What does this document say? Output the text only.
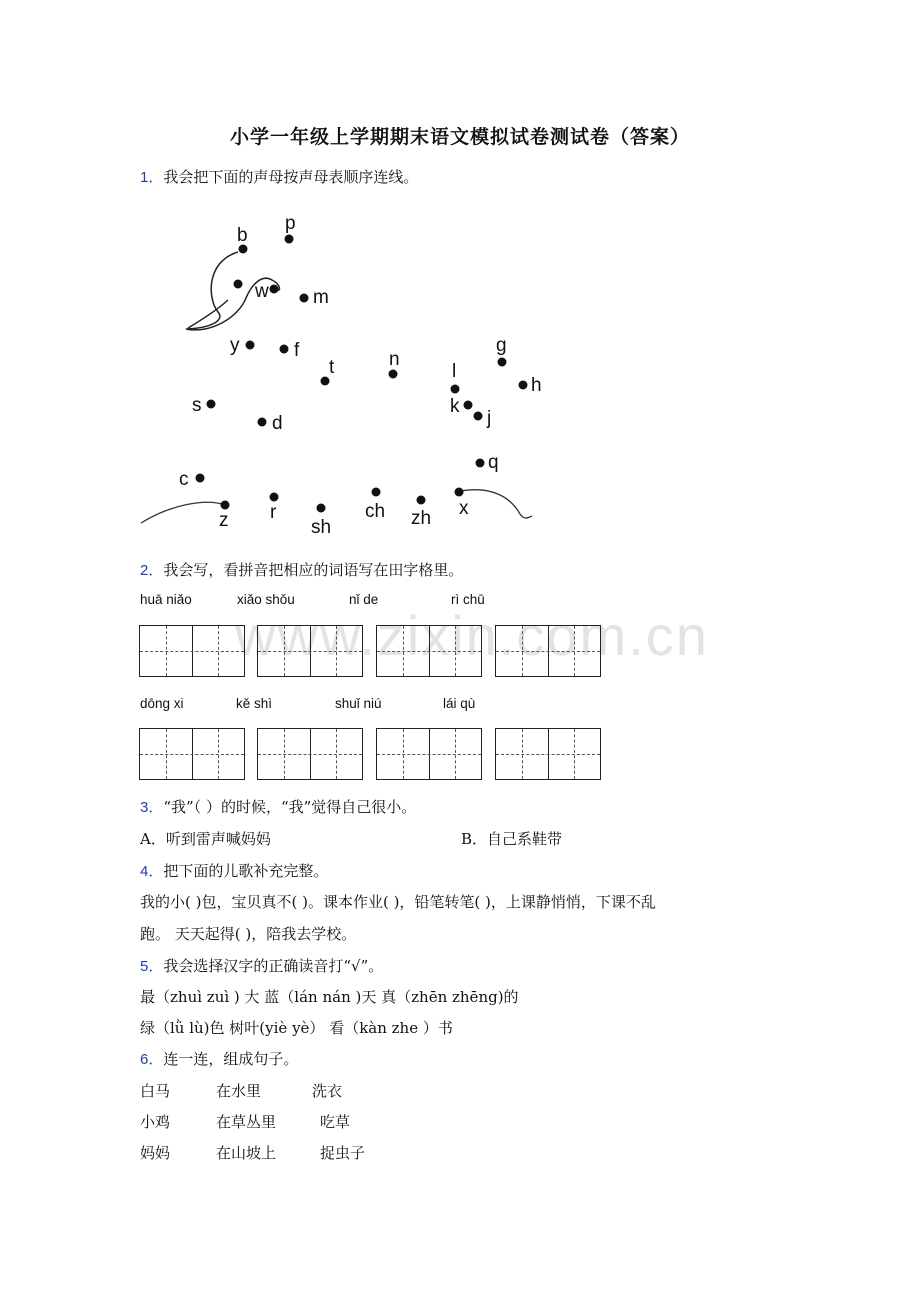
小学一年级上学期期末语文模拟试卷测试卷（答案）
1．我会把下面的声母按声母表顺序连线。
b
p
w m
y	f
t	n
l
g
h
s
d
k
j
q
c
z r
sh
ch zh x
2．我会写，看拼音把相应的词语写在田字格里。
www.zixin.com.cn
huā niǎo	xiǎo shǒu	nǐ de	rì chū
dōng xi	kě shì	shuǐ niú	lái qù
3．“我”（ ）的时候，“我”觉得自己很小。
A．听到雷声喊妈妈	B．自己系鞋带
4．把下面的儿歌补充完整。
我的小( )包，宝贝真不( )。课本作业( )，铅笔转笔( )，上课静悄悄，下课不乱
跑。 天天起得( )，陪我去学校。
5．我会选择汉字的正确读音打“√”。
最（zhuì zuì ) 大 蓝（lán nán )天 真（zhēn zhēng)的
绿（lǜ lù)色 树叶(yiè yè） 看（kàn zhe ）书
6．连一连，组成句子。
白马	在水里	洗衣
小鸡	在草丛里	吃草
妈妈	在山坡上	捉虫子
